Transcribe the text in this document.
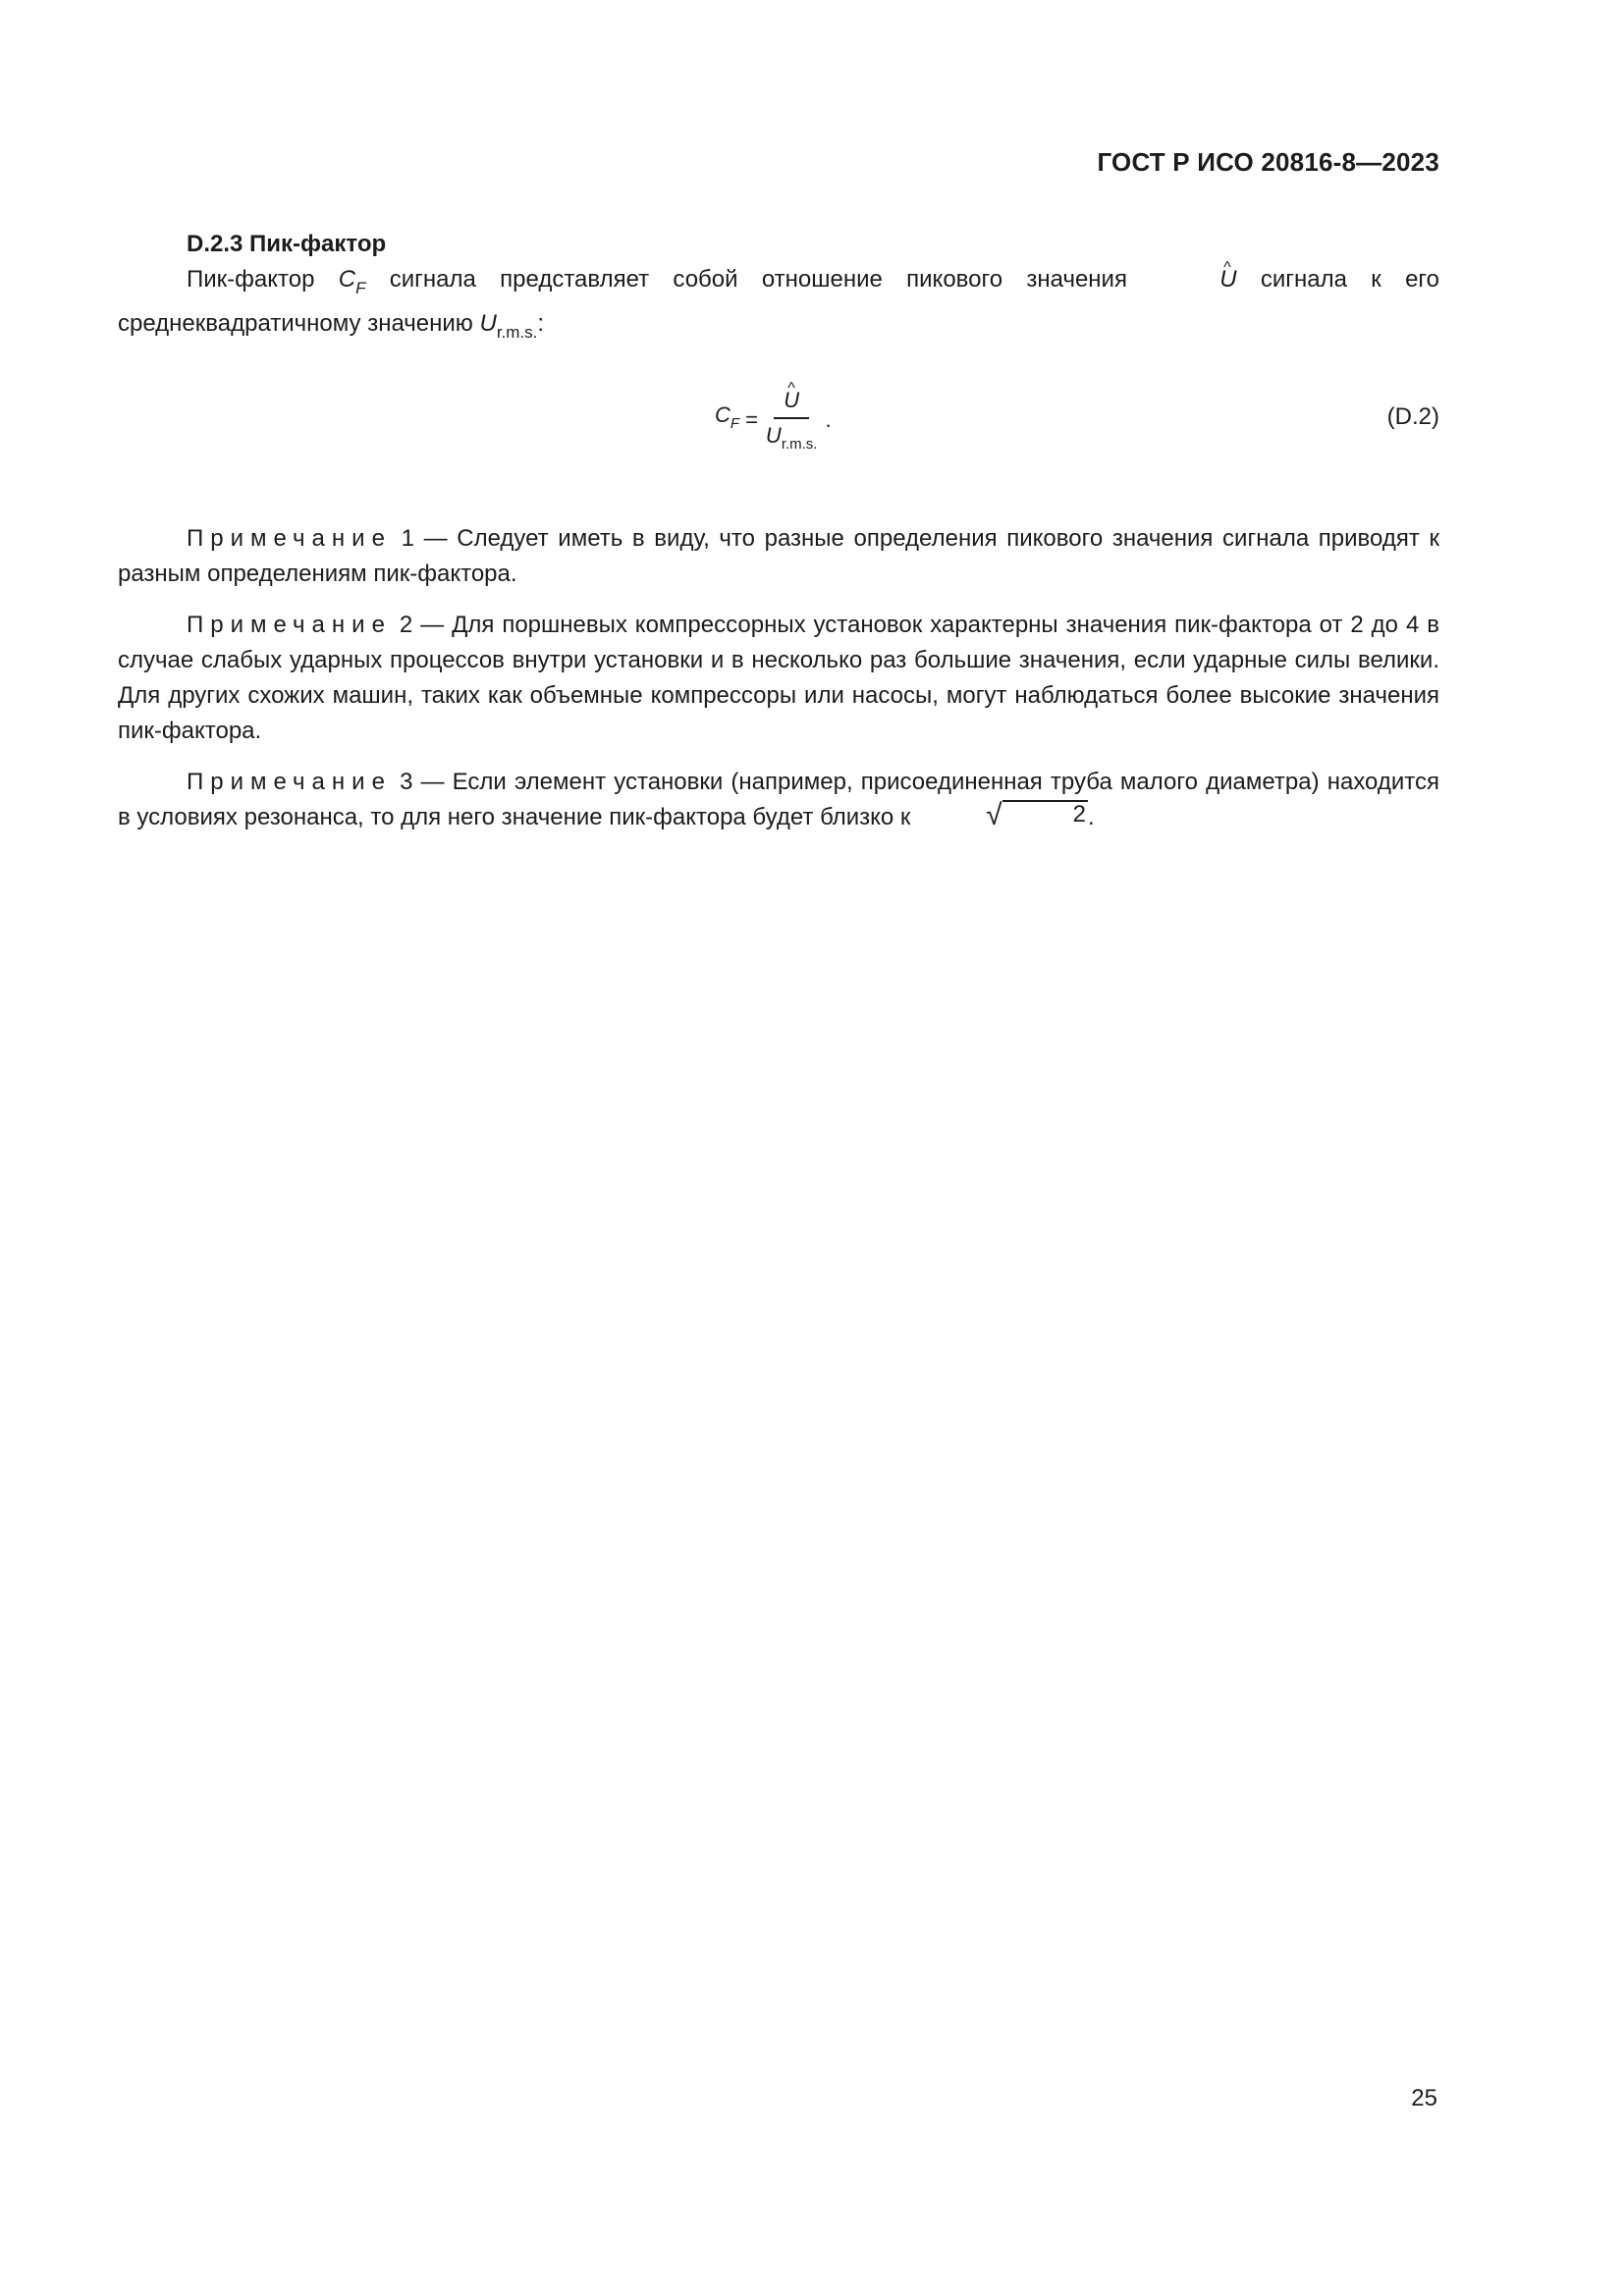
ГОСТ Р ИСО 20816-8—2023

D.2.3 Пик-фактор

Пик-фактор $C_F$ сигнала представляет собой отношение пикового значения	^ U сигнала к его среднеквадратичному значению $U_{r.m.s.}$:

$C_F$ = ^ $\frac{U}{U_{r.m.s.}}$ .	(D.2)

Примечание 1 — Следует иметь в виду, что разные определения пикового значения сигнала приводят к разным определениям пик-фактора.

Примечание 2 — Для поршневых компрессорных установок характерны значения пик-фактора от 2 до 4 в случае слабых ударных процессов внутри установки и в несколько раз большие значения, если ударные силы велики. Для других схожих машин, таких как объемные компрессоры или насосы, могут наблюдаться более высокие значения пик-фактора.

Примечание 3 — Если элемент установки (например, присоединенная труба малого диаметра) находится в условиях резонанса, то для него значение пик-фактора будет близко к	√	2 .

25
